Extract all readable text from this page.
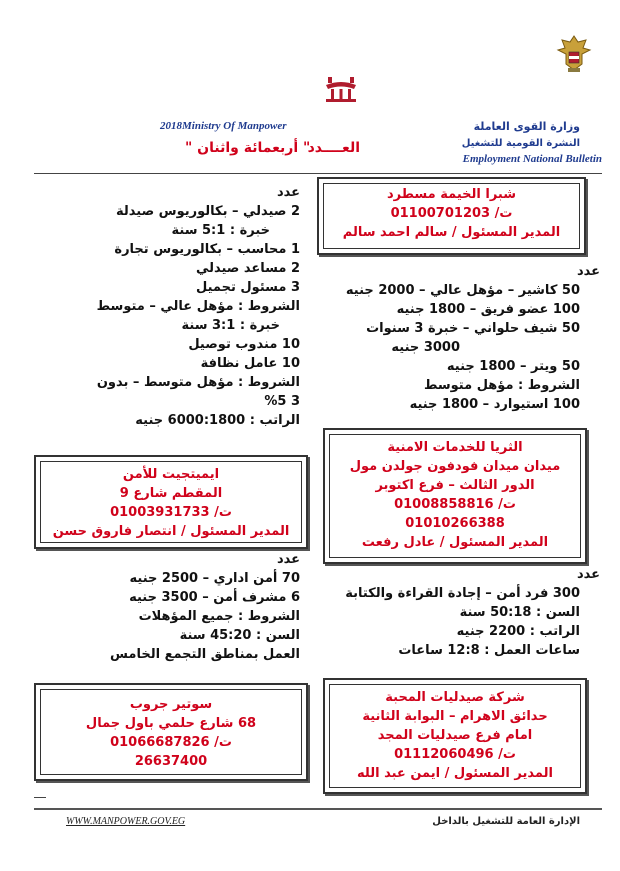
وزارة القوى العاملة
النشرة القومية للتشغيل
Employment National Bulletin
2018Ministry Of Manpower
العــــدد
" أربعمائة واثنان "
عدد
2 صيدلي – بكالوريوس صيدلة
خبرة : 5:1 سنة
1 محاسب – بكالوريوس تجارة
2 مساعد صيدلي
3 مسئول تجميل
الشروط : مؤهل عالي – متوسط
خبرة : 3:1 سنة
10 مندوب توصيل
10 عامل نظافة
الشروط : مؤهل متوسط – بدون
3 %5
الراتب : 6000:1800 جنيه
شبرا الخيمة مسطرد
ت/ 01100701203
المدير المسئول / سالم احمد سالم
عدد
50 كاشير – مؤهل عالي – 2000 جنيه
100 عضو فريق – 1800 جنيه
50 شيف حلواني – خبرة 3 سنوات
3000 جنيه
50 ويتر – 1800 جنيه
الشروط : مؤهل متوسط
100 استيوارد – 1800 جنيه
الثريا للخدمات الامنية
ميدان ميدان فودفون جولدن مول
الدور الثالث – فرع اكتوبر
ت/ 01008858816
01010266388
المدير المسئول / عادل رفعت
ايميتجيت للأمن
المقطم شارع 9
ت/ 01003931733
المدير المسئول / انتصار فاروق حسن
عدد
70 أمن اداري – 2500 جنيه
6 مشرف أمن – 3500 جنيه
الشروط : جميع المؤهلات
السن : 45:20 سنة
العمل بمناطق التجمع الخامس
عدد
300 فرد أمن – إجادة القراءة والكتابة
السن : 50:18 سنة
الراتب : 2200 جنيه
ساعات العمل : 12:8 ساعات
سوتير جروب
68 شارع حلمي باول جمال
ت/ 01066687826
26637400
شركة صيدليات المحبة
حدائق الاهرام – البوابة الثانية
امام فرع صيدليات المجد
ت/ 01112060496
المدير المسئول / ايمن عبد الله
WWW.MANPOWER.GOV.EG	الإدارة العامة للتشغيل بالداخل
